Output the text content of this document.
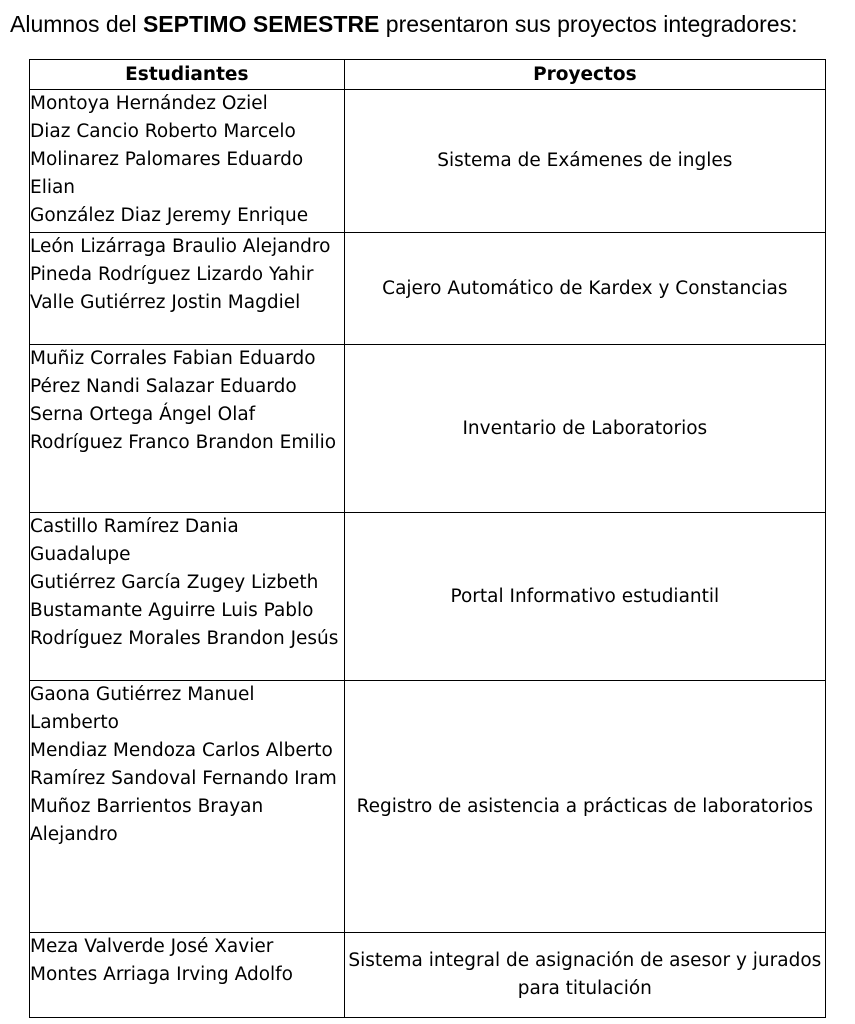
Alumnos del SEPTIMO SEMESTRE presentaron sus proyectos integradores:

Estudiantes	Proyectos

Montoya Hernández Oziel
Diaz Cancio Roberto Marcelo
Molinarez Palomares Eduardo Elian
González Diaz Jeremy Enrique	Sistema de Exámenes de ingles

León Lizárraga Braulio Alejandro
Pineda Rodríguez Lizardo Yahir
Valle Gutiérrez Jostin Magdiel	Cajero Automático de Kardex y Constancias

Muñiz Corrales Fabian Eduardo
Pérez Nandi Salazar Eduardo
Serna Ortega Ángel Olaf
Rodríguez Franco Brandon Emilio	Inventario de Laboratorios

Castillo Ramírez Dania Guadalupe
Gutiérrez García Zugey Lizbeth
Bustamante Aguirre Luis Pablo
Rodríguez Morales Brandon Jesús	Portal Informativo estudiantil

Gaona Gutiérrez Manuel Lamberto
Mendiaz Mendoza Carlos Alberto
Ramírez Sandoval Fernando Iram
Muñoz Barrientos Brayan Alejandro	Registro de asistencia a prácticas de laboratorios

Meza Valverde José Xavier
Montes Arriaga Irving Adolfo	Sistema integral de asignación de asesor y jurados para titulación
